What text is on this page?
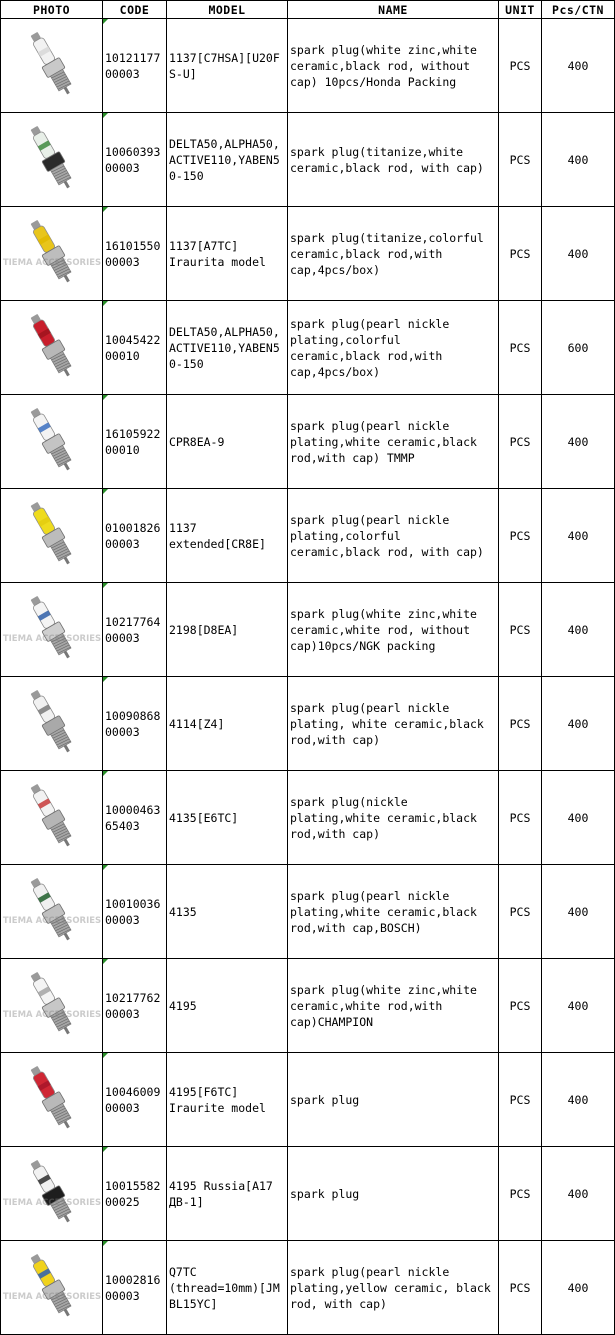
PHOTO	CODE	MODEL	NAME	UNIT	Pcs/CTN

10121177
00003	1137[C7HSA][U20F
S-U]	spark plug(white zinc,white
ceramic,black rod, without
cap) 10pcs/Honda Packing	PCS	400

10060393
00003	DELTA50,ALPHA50,
ACTIVE110,YABEN5
0-150	spark plug(titanize,white
ceramic,black rod, with cap)	PCS	400

TIEMA ACCESSORIES	16101550
00003	1137[A7TC]
Iraurita model	spark plug(titanize,colorful
ceramic,black rod,with
cap,4pcs/box)	PCS	400

10045422
00010	DELTA50,ALPHA50,
ACTIVE110,YABEN5
0-150	spark plug(pearl nickle
plating,colorful
ceramic,black rod,with
cap,4pcs/box)	PCS	600

16105922
00010	CPR8EA-9	spark plug(pearl nickle
plating,white ceramic,black
rod,with cap) TMMP	PCS	400

01001826
00003	1137
extended[CR8E]	spark plug(pearl nickle
plating,colorful
ceramic,black rod, with cap)	PCS	400

TIEMA ACCESSORIES	10217764
00003	2198[D8EA]	spark plug(white zinc,white
ceramic,white rod, without
cap)10pcs/NGK packing	PCS	400

10090868
00003	4114[Z4]	spark plug(pearl nickle
plating, white ceramic,black
rod,with cap)	PCS	400

10000463
65403	4135[E6TC]	spark plug(nickle
plating,white ceramic,black
rod,with cap)	PCS	400

TIEMA ACCESSORIES	10010036
00003	4135	spark plug(pearl nickle
plating,white ceramic,black
rod,with cap,BOSCH)	PCS	400

TIEMA ACCESSORIES	10217762
00003	4195	spark plug(white zinc,white
ceramic,white rod,with
cap)CHAMPION	PCS	400

10046009
00003	4195[F6TC]
Iraurite model	spark plug	PCS	400

TIEMA ACCESSORIES	10015582
00025	4195 Russia[A17
ДВ-1]	spark plug	PCS	400

TIEMA ACCESSORIES	10002816
00003	Q7TC
(thread=10mm)[JM
BL15YC]	spark plug(pearl nickle
plating,yellow ceramic, black
rod, with cap)	PCS	400
